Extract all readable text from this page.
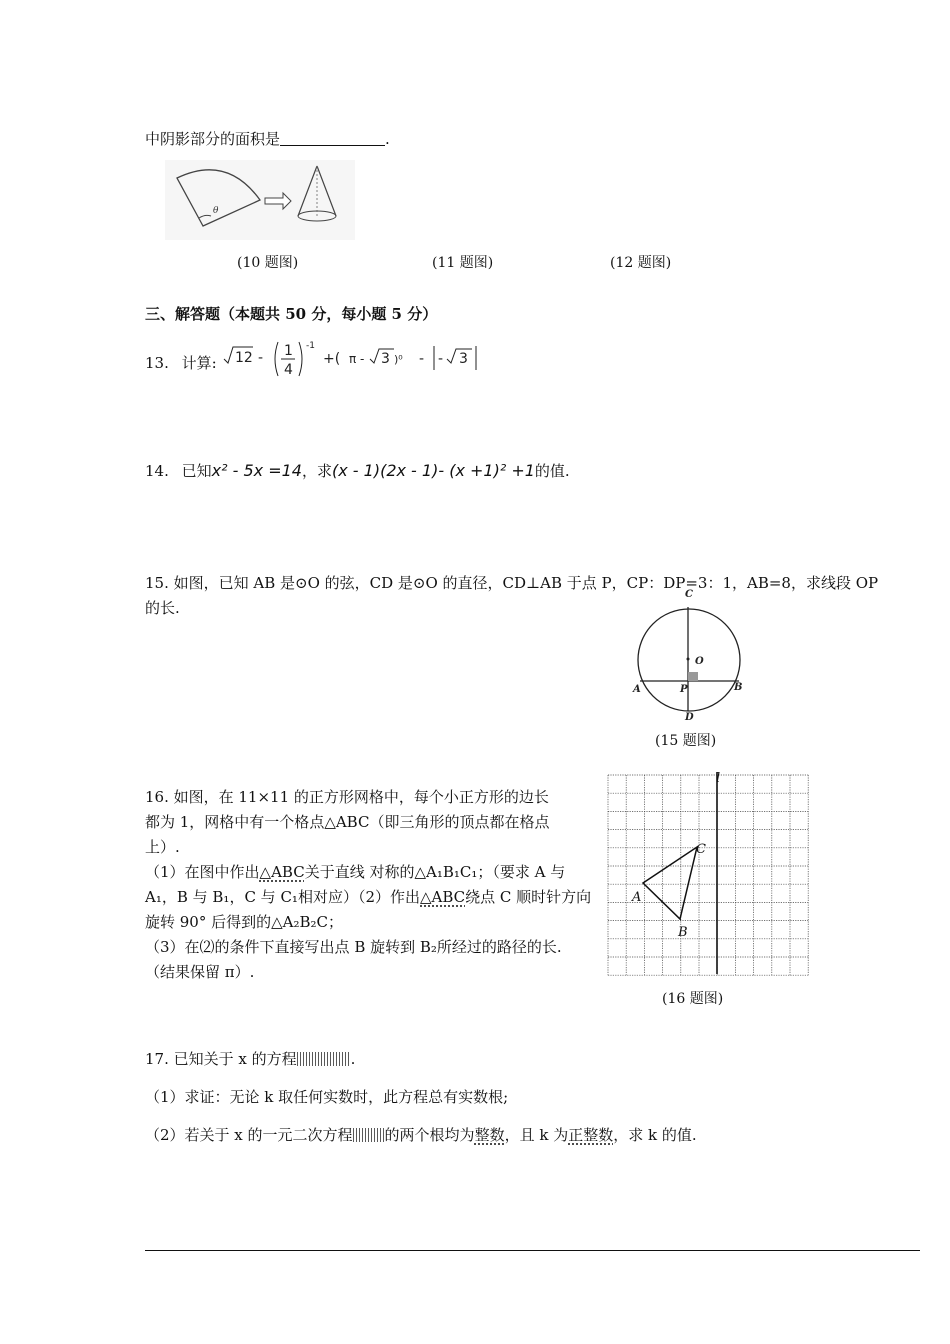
中阴影部分的面积是	.
θ
(10 题图)	(11 题图)	(12 题图)
三、解答题（本题共 50 分，每小题 5 分）
13. 计算: 12 - 1
4
-1
+( π - 3 )⁰ - - 3
14. 已知x² - 5x =14，求(x - 1)(2x - 1)- (x +1)² +1的值.
15. 如图，已知 AB 是⊙O 的弦，CD 是⊙O 的直径，CD⊥AB 于点 P，CP：DP=3：1，AB=8，求线段 OP
的长.
C
O
A	P	B
D
(15 题图)

16. 如图，在 11×11 的正方形网格中，每个小正方形的边长

都为 1，网格中有一个格点△ABC（即三角形的顶点都在格点

上）.

（1）在图中作出△ABC关于直线 对称的△A₁B₁C₁；（要求 A 与

A₁，B 与 B₁，C 与 C₁相对应）（2）作出△ABC绕点 C 顺时针方向

旋转 90° 后得到的△A₂B₂C；

（3）在⑵的条件下直接写出点 B 旋转到 B₂所经过的路径的长.

（结果保留 π）.

l
C
A
B
(16 题图)
17. 已知关于 x 的方程	.
（1）求证：无论 k 取任何实数时，此方程总有实数根;
（2）若关于 x 的一元二次方程 的两个根均为整数，且 k 为正整数，求 k 的值.
